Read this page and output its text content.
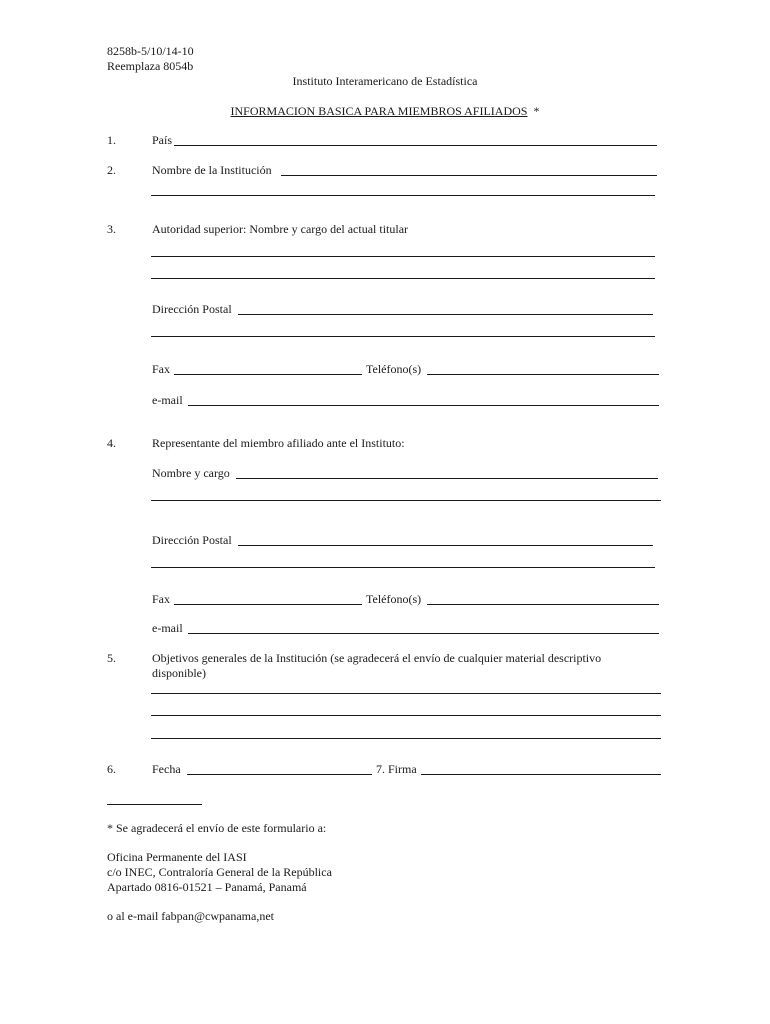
8258b-5/10/14-10
Reemplaza 8054b
Instituto Interamericano de Estadística
INFORMACION BASICA PARA MIEMBROS AFILIADOS *
1.	País
2.	Nombre de la Institución
3.	Autoridad superior: Nombre y cargo del actual titular
Dirección Postal
Fax	Teléfono(s)
e-mail
4.	Representante del miembro afiliado ante el Instituto:
Nombre y cargo
Dirección Postal
Fax	Teléfono(s)
e-mail
5.	Objetivos generales de la Institución (se agradecerá el envío de cualquier material descriptivo
disponible)
6.	Fecha	7. Firma
* Se agradecerá el envío de este formulario a:
Oficina Permanente del IASI
c/o INEC, Contraloría General de la República
Apartado 0816-01521 – Panamá, Panamá
o al e-mail fabpan@cwpanama,net
